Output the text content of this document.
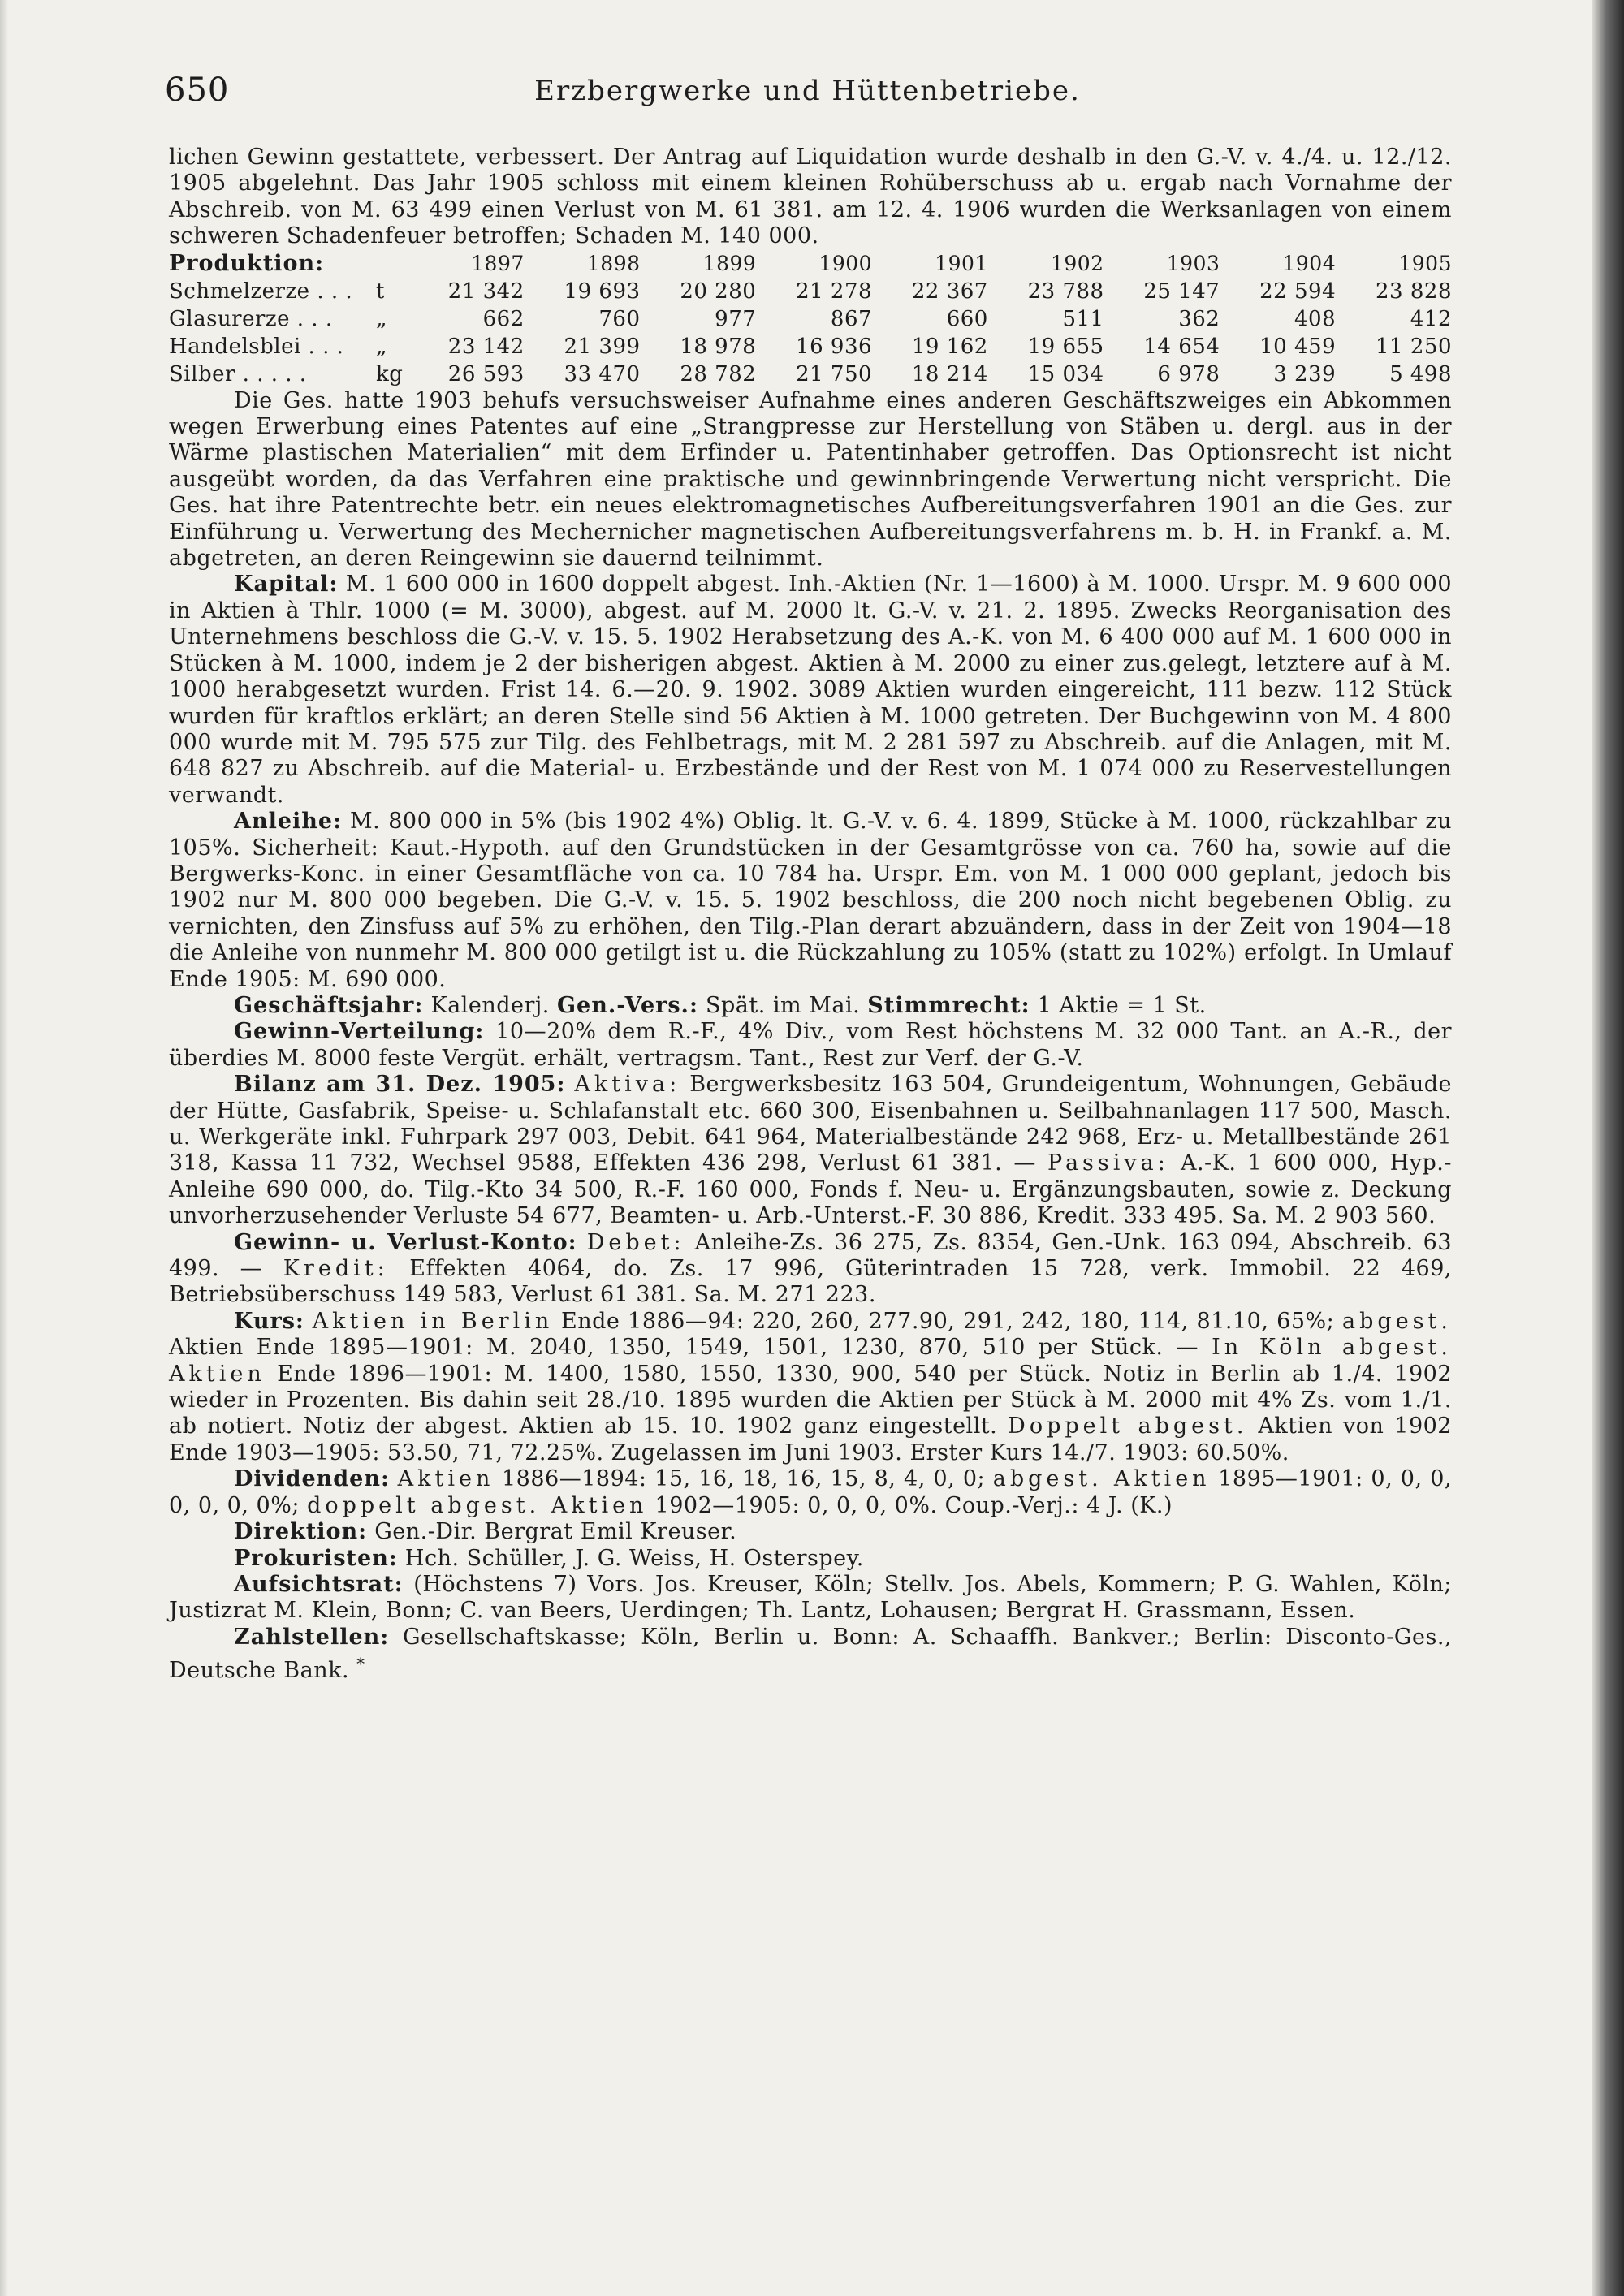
650	Erzbergwerke und Hüttenbetriebe.

lichen Gewinn gestattete, verbessert. Der Antrag auf Liquidation wurde deshalb in den G.-V. v. 4./4. u. 12./12. 1905 abgelehnt. Das Jahr 1905 schloss mit einem kleinen Rohüberschuss ab u. ergab nach Vornahme der Abschreib. von M. 63 499 einen Verlust von M. 61 381. am 12. 4. 1906 wurden die Werksanlagen von einem schweren Schadenfeuer betroffen; Schaden M. 140 000.

Produktion:		1897	1898	1899	1900	1901	1902	1903	1904	1905
Schmelzerze . . .	t	21 342	19 693	20 280	21 278	22 367	23 788	25 147	22 594	23 828
Glasurerze . . .	„	662	760	977	867	660	511	362	408	412
Handelsblei . . .	„	23 142	21 399	18 978	16 936	19 162	19 655	14 654	10 459	11 250
Silber . . . . .	kg	26 593	33 470	28 782	21 750	18 214	15 034	6 978	3 239	5 498

Die Ges. hatte 1903 behufs versuchsweiser Aufnahme eines anderen Geschäftszweiges ein Abkommen wegen Erwerbung eines Patentes auf eine „Strangpresse zur Herstellung von Stäben u. dergl. aus in der Wärme plastischen Materialien“ mit dem Erfinder u. Patentinhaber getroffen. Das Optionsrecht ist nicht ausgeübt worden, da das Verfahren eine praktische und gewinnbringende Verwertung nicht verspricht. Die Ges. hat ihre Patentrechte betr. ein neues elektromagnetisches Aufbereitungsverfahren 1901 an die Ges. zur Einführung u. Verwertung des Mechernicher magnetischen Aufbereitungsverfahrens m. b. H. in Frankf. a. M. abgetreten, an deren Reingewinn sie dauernd teilnimmt.

Kapital: M. 1 600 000 in 1600 doppelt abgest. Inh.-Aktien (Nr. 1—1600) à M. 1000. Urspr. M. 9 600 000 in Aktien à Thlr. 1000 (= M. 3000), abgest. auf M. 2000 lt. G.-V. v. 21. 2. 1895. Zwecks Reorganisation des Unternehmens beschloss die G.-V. v. 15. 5. 1902 Herabsetzung des A.-K. von M. 6 400 000 auf M. 1 600 000 in Stücken à M. 1000, indem je 2 der bisherigen abgest. Aktien à M. 2000 zu einer zus.gelegt, letztere auf à M. 1000 herabgesetzt wurden. Frist 14. 6.—20. 9. 1902. 3089 Aktien wurden eingereicht, 111 bezw. 112 Stück wurden für kraftlos erklärt; an deren Stelle sind 56 Aktien à M. 1000 getreten. Der Buchgewinn von M. 4 800 000 wurde mit M. 795 575 zur Tilg. des Fehlbetrags, mit M. 2 281 597 zu Abschreib. auf die Anlagen, mit M. 648 827 zu Abschreib. auf die Material- u. Erzbestände und der Rest von M. 1 074 000 zu Reservestellungen verwandt.

Anleihe: M. 800 000 in 5% (bis 1902 4%) Oblig. lt. G.-V. v. 6. 4. 1899, Stücke à M. 1000, rückzahlbar zu 105%. Sicherheit: Kaut.-Hypoth. auf den Grundstücken in der Gesamtgrösse von ca. 760 ha, sowie auf die Bergwerks-Konc. in einer Gesamtfläche von ca. 10 784 ha. Urspr. Em. von M. 1 000 000 geplant, jedoch bis 1902 nur M. 800 000 begeben. Die G.-V. v. 15. 5. 1902 beschloss, die 200 noch nicht begebenen Oblig. zu vernichten, den Zinsfuss auf 5% zu erhöhen, den Tilg.-Plan derart abzuändern, dass in der Zeit von 1904—18 die Anleihe von nunmehr M. 800 000 getilgt ist u. die Rückzahlung zu 105% (statt zu 102%) erfolgt. In Umlauf Ende 1905: M. 690 000.

Geschäftsjahr: Kalenderj. Gen.-Vers.: Spät. im Mai. Stimmrecht: 1 Aktie = 1 St.

Gewinn-Verteilung: 10—20% dem R.-F., 4% Div., vom Rest höchstens M. 32 000 Tant. an A.-R., der überdies M. 8000 feste Vergüt. erhält, vertragsm. Tant., Rest zur Verf. der G.-V.

Bilanz am 31. Dez. 1905: Aktiva: Bergwerksbesitz 163 504, Grundeigentum, Wohnungen, Gebäude der Hütte, Gasfabrik, Speise- u. Schlafanstalt etc. 660 300, Eisenbahnen u. Seilbahnanlagen 117 500, Masch. u. Werkgeräte inkl. Fuhrpark 297 003, Debit. 641 964, Materialbestände 242 968, Erz- u. Metallbestände 261 318, Kassa 11 732, Wechsel 9588, Effekten 436 298, Verlust 61 381. — Passiva: A.-K. 1 600 000, Hyp.-Anleihe 690 000, do. Tilg.-Kto 34 500, R.-F. 160 000, Fonds f. Neu- u. Ergänzungsbauten, sowie z. Deckung unvorherzusehender Verluste 54 677, Beamten- u. Arb.-Unterst.-F. 30 886, Kredit. 333 495. Sa. M. 2 903 560.

Gewinn- u. Verlust-Konto: Debet: Anleihe-Zs. 36 275, Zs. 8354, Gen.-Unk. 163 094, Abschreib. 63 499. — Kredit: Effekten 4064, do. Zs. 17 996, Güterintraden 15 728, verk. Immobil. 22 469, Betriebsüberschuss 149 583, Verlust 61 381. Sa. M. 271 223.

Kurs: Aktien in Berlin Ende 1886—94: 220, 260, 277.90, 291, 242, 180, 114, 81.10, 65%; abgest. Aktien Ende 1895—1901: M. 2040, 1350, 1549, 1501, 1230, 870, 510 per Stück. — In Köln abgest. Aktien Ende 1896—1901: M. 1400, 1580, 1550, 1330, 900, 540 per Stück. Notiz in Berlin ab 1./4. 1902 wieder in Prozenten. Bis dahin seit 28./10. 1895 wurden die Aktien per Stück à M. 2000 mit 4% Zs. vom 1./1. ab notiert. Notiz der abgest. Aktien ab 15. 10. 1902 ganz eingestellt. Doppelt abgest. Aktien von 1902 Ende 1903—1905: 53.50, 71, 72.25%. Zugelassen im Juni 1903. Erster Kurs 14./7. 1903: 60.50%.

Dividenden: Aktien 1886—1894: 15, 16, 18, 16, 15, 8, 4, 0, 0; abgest. Aktien 1895—1901: 0, 0, 0, 0, 0, 0, 0%; doppelt abgest. Aktien 1902—1905: 0, 0, 0, 0%. Coup.-Verj.: 4 J. (K.)

Direktion: Gen.-Dir. Bergrat Emil Kreuser.

Prokuristen: Hch. Schüller, J. G. Weiss, H. Osterspey.

Aufsichtsrat: (Höchstens 7) Vors. Jos. Kreuser, Köln; Stellv. Jos. Abels, Kommern; P. G. Wahlen, Köln; Justizrat M. Klein, Bonn; C. van Beers, Uerdingen; Th. Lantz, Lohausen; Bergrat H. Grassmann, Essen.

Zahlstellen: Gesellschaftskasse; Köln, Berlin u. Bonn: A. Schaaffh. Bankver.; Berlin: Disconto-Ges., Deutsche Bank. *
